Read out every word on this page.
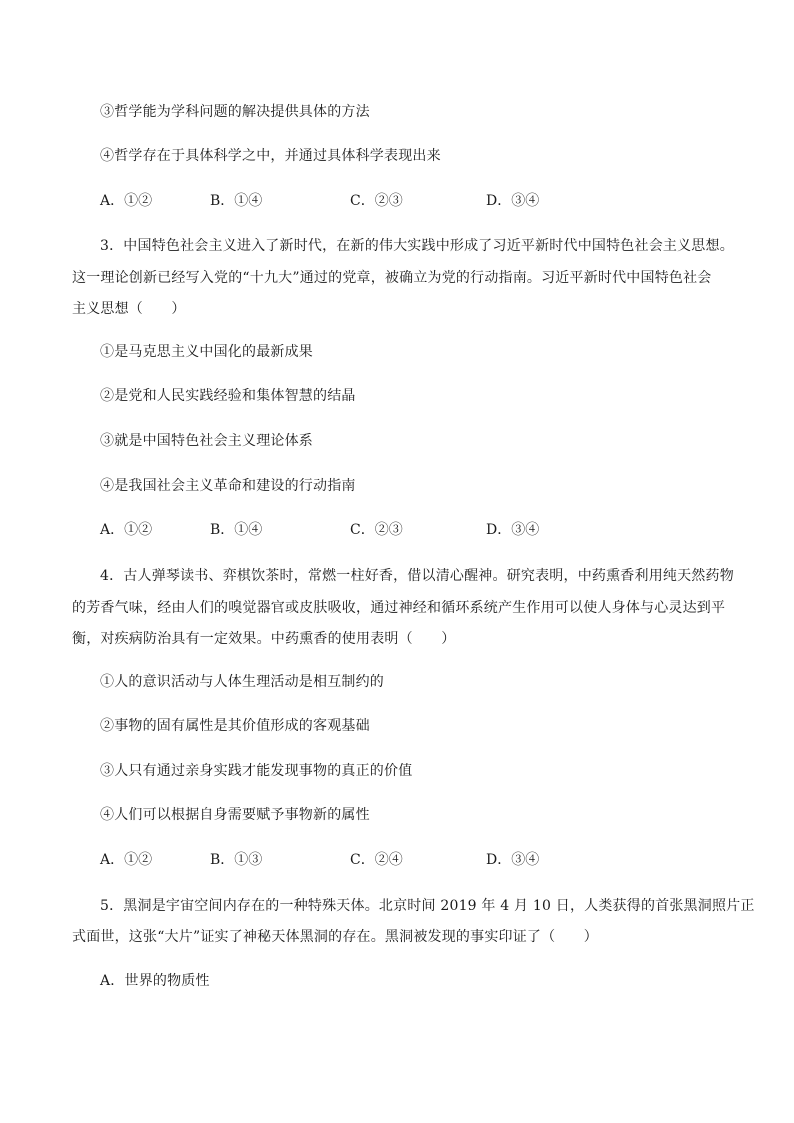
③哲学能为学科问题的解决提供具体的方法
④哲学存在于具体科学之中，并通过具体科学表现出来
A．①②	B．①④	C．②③	D．③④
3．中国特色社会主义进入了新时代，在新的伟大实践中形成了习近平新时代中国特色社会主义思想。
这一理论创新已经写入党的“十九大”通过的党章，被确立为党的行动指南。习近平新时代中国特色社会
主义思想（　　）
①是马克思主义中国化的最新成果
②是党和人民实践经验和集体智慧的结晶
③就是中国特色社会主义理论体系
④是我国社会主义革命和建设的行动指南
A．①②	B．①④	C．②③	D．③④
4．古人弹琴读书、弈棋饮茶时，常燃一柱好香，借以清心醒神。研究表明，中药熏香利用纯天然药物
的芳香气味，经由人们的嗅觉器官或皮肤吸收，通过神经和循环系统产生作用可以使人身体与心灵达到平
衡，对疾病防治具有一定效果。中药熏香的使用表明（　　）
①人的意识活动与人体生理活动是相互制约的
②事物的固有属性是其价值形成的客观基础
③人只有通过亲身实践才能发现事物的真正的价值
④人们可以根据自身需要赋予事物新的属性
A．①②	B．①③	C．②④	D．③④
5．黑洞是宇宙空间内存在的一种特殊天体。北京时间 2019 年 4 月 10 日，人类获得的首张黑洞照片正
式面世，这张“大片”证实了神秘天体黑洞的存在。黑洞被发现的事实印证了（　　）
A．世界的物质性
